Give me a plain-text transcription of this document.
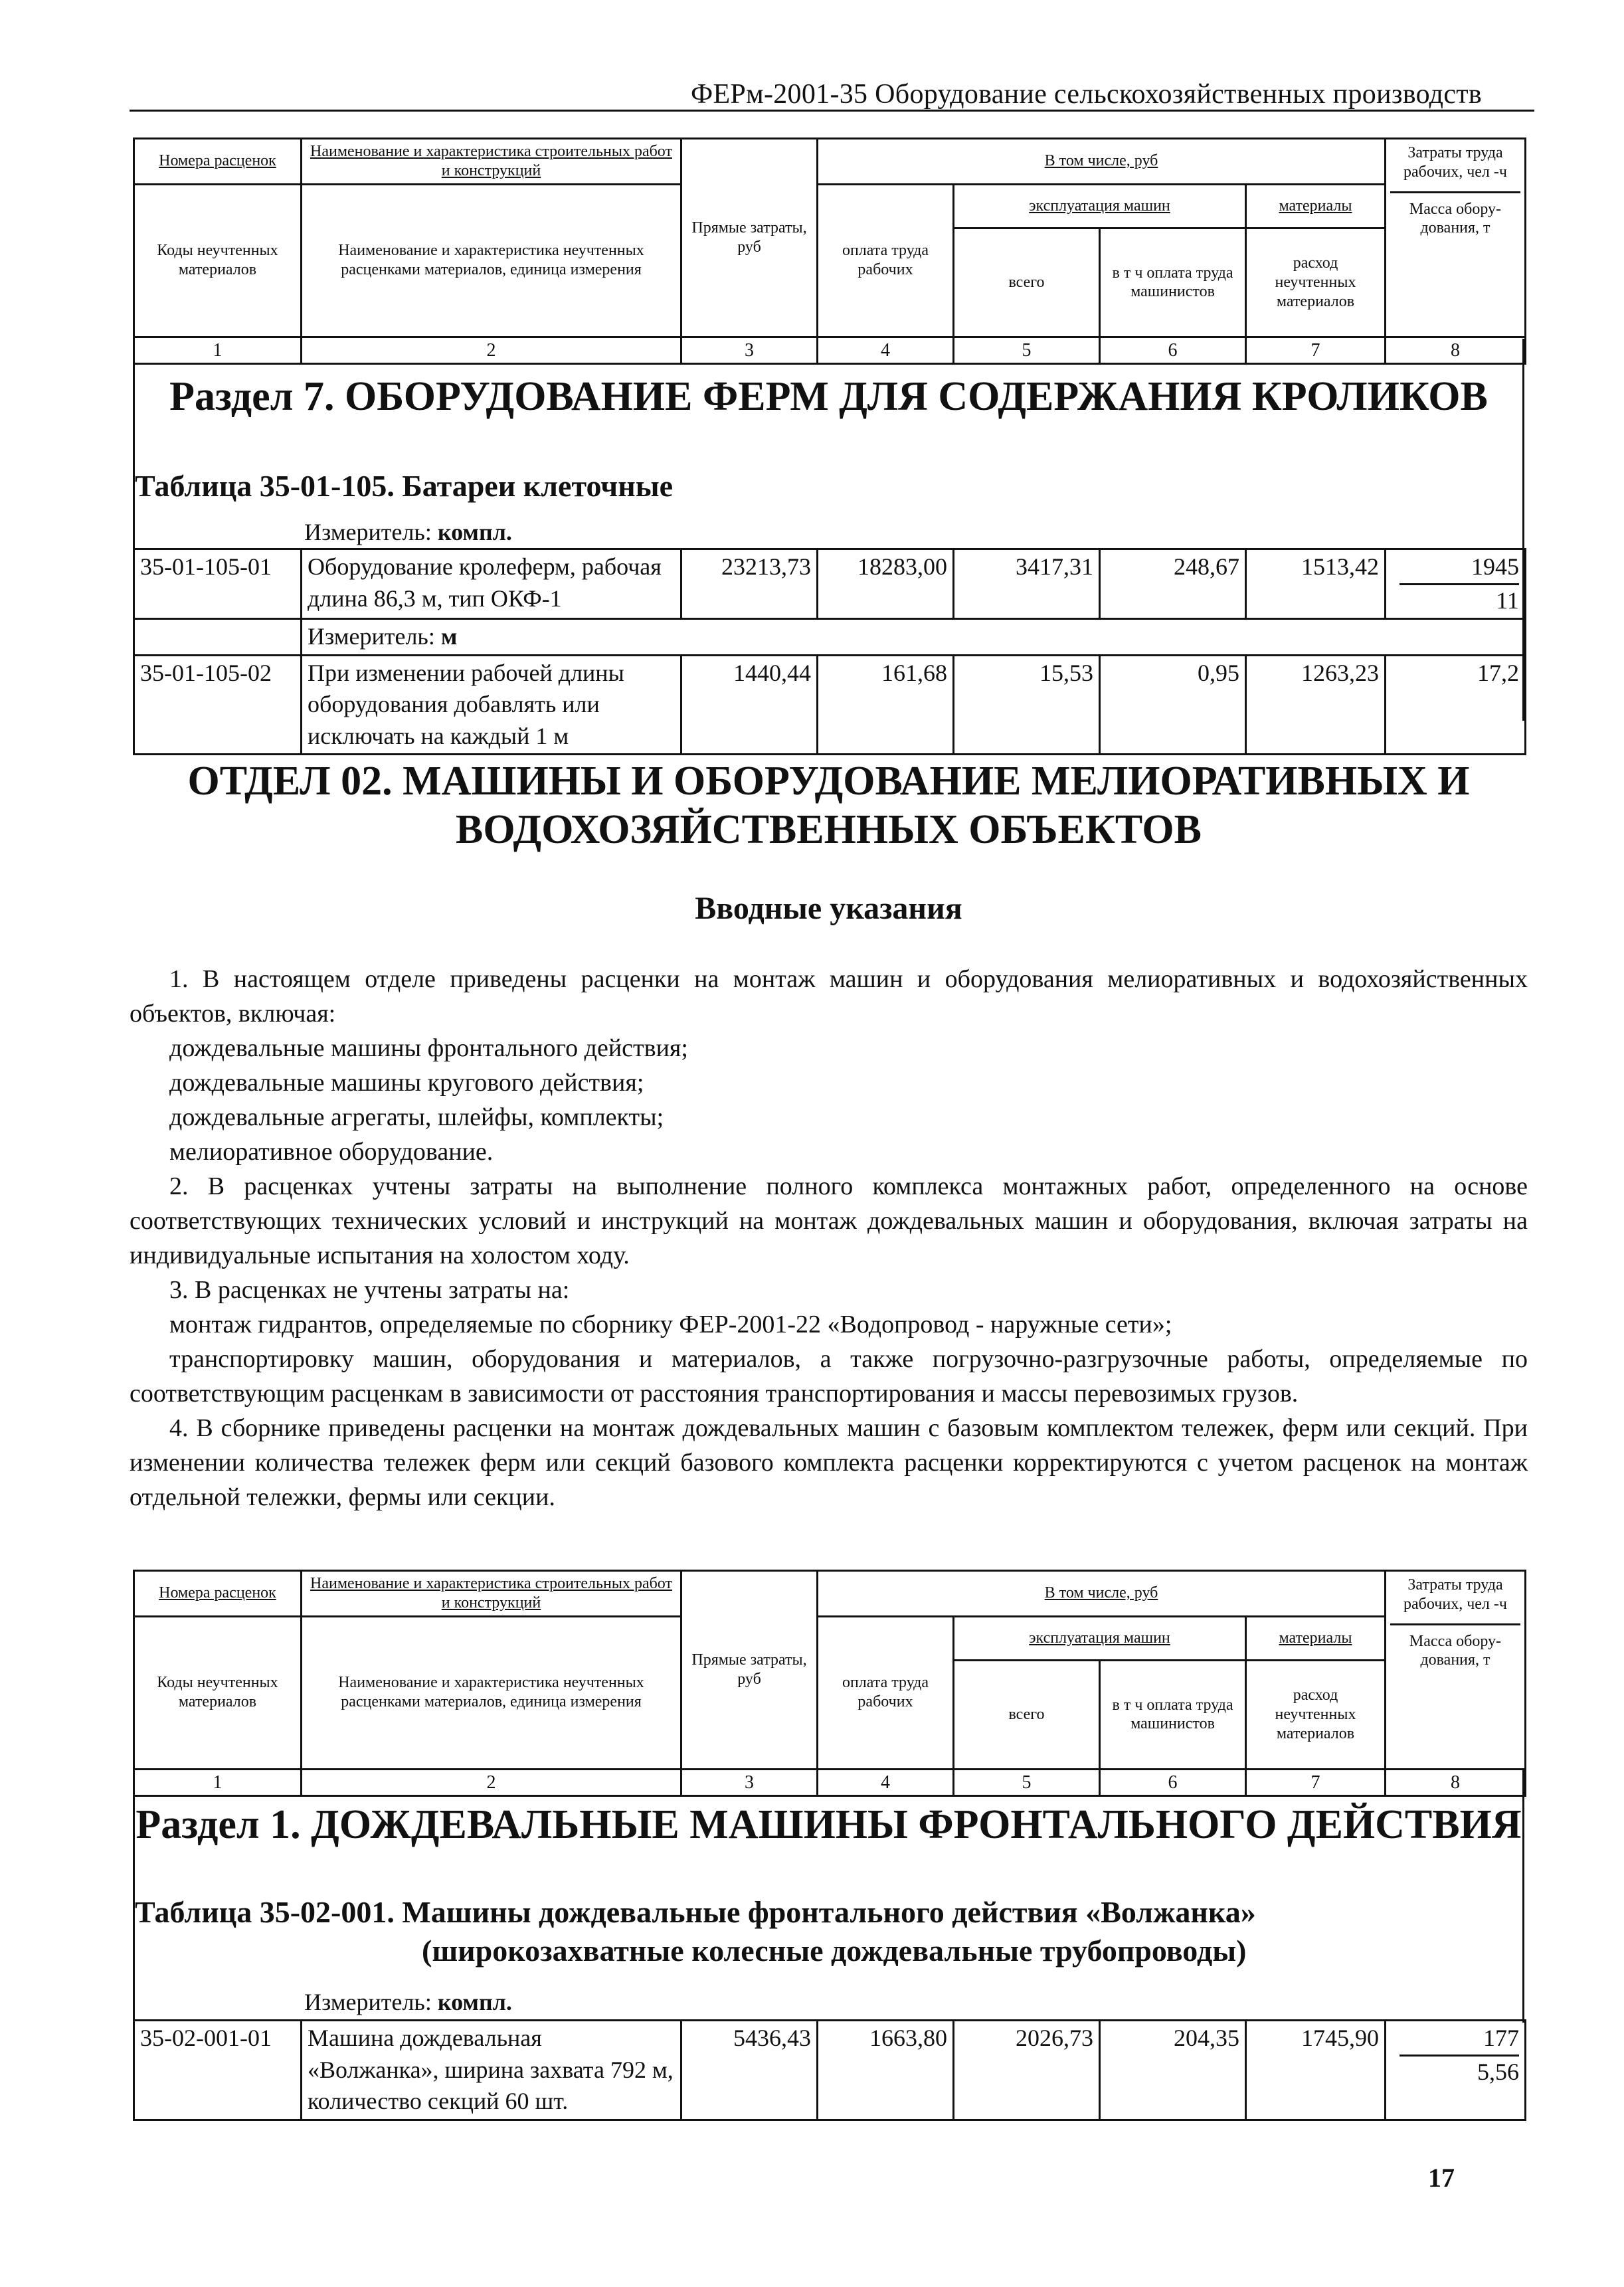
ФЕРм-2001-35 Оборудование сельскохозяйственных производств
Номера расценок	Наименование и характеристика строительных работ и конструкций	Прямые затраты, руб	В том числе, руб				Затраты труда рабочих, чел -ч
Масса обору-дования, т

Коды неучтенных материалов	Наименование и характеристика неучтенных расценками материалов, единица измерения		оплата труда рабочих	эксплуатация машин		материалы	
				всего	в т ч оплата труда машинистов	расход неучтенных материалов	
1	2	3	4	5	6	7	8
Раздел 7. ОБОРУДОВАНИЕ ФЕРМ ДЛЯ СОДЕРЖАНИЯ КРОЛИКОВ
Таблица 35-01-105. Батареи клеточные
Измеритель: компл.
35-01-105-01	Оборудование кролеферм, рабочая длина 86,3 м, тип ОКФ-1	23213,73	18283,00	3417,31	248,67	1513,42	$\frac{1945}{11}$

	Измеритель: м						
35-01-105-02	При изменении рабочей длины оборудования добавлять или исключать на каждый 1 м	1440,44	161,68	15,53	0,95	1263,23	17,2
ОТДЕЛ 02. МАШИНЫ И ОБОРУДОВАНИЕ МЕЛИОРАТИВНЫХ И
ВОДОХОЗЯЙСТВЕННЫХ ОБЪЕКТОВ
Вводные указания

1. В настоящем отделе приведены расценки на монтаж машин и оборудования мелиоративных и водохозяйственных объектов, включая:

дождевальные машины фронтального действия;

дождевальные машины кругового действия;

дождевальные агрегаты, шлейфы, комплекты;

мелиоративное оборудование.

2. В расценках учтены затраты на выполнение полного комплекса монтажных работ, определенного на основе соответствующих технических условий и инструкций на монтаж дождевальных машин и оборудования, включая затраты на индивидуальные испытания на холостом ходу.

3. В расценках не учтены затраты на:

монтаж гидрантов, определяемые по сборнику ФЕР-2001-22 «Водопровод - наружные сети»;

транспортировку машин, оборудования и материалов, а также погрузочно-разгрузочные работы, определяемые по соответствующим расценкам в зависимости от расстояния транспортирования и массы перевозимых грузов.

4. В сборнике приведены расценки на монтаж дождевальных машин с базовым комплектом тележек, ферм или секций. При изменении количества тележек ферм или секций базового комплекта расценки корректируются с учетом расценок на монтаж отдельной тележки, фермы или секции.

Номера расценок	Наименование и характеристика строительных работ и конструкций	Прямые затраты, руб	В том числе, руб				Затраты труда рабочих, чел -ч
Масса обору-дования, т

Коды неучтенных материалов	Наименование и характеристика неучтенных расценками материалов, единица измерения		оплата труда рабочих	эксплуатация машин		материалы	
				всего	в т ч оплата труда машинистов	расход неучтенных материалов	
1	2	3	4	5	6	7	8
Раздел 1. ДОЖДЕВАЛЬНЫЕ МАШИНЫ ФРОНТАЛЬНОГО ДЕЙСТВИЯ
Таблица 35-02-001. Машины дождевальные фронтального действия «Волжанка»
(широкозахватные колесные дождевальные трубопроводы)
Измеритель: компл.
35-02-001-01	Машина дождевальная «Волжанка», ширина захвата 792 м, количество секций 60 шт.	5436,43	1663,80	2026,73	204,35	1745,90	$\frac{177}{5,56}$
17
